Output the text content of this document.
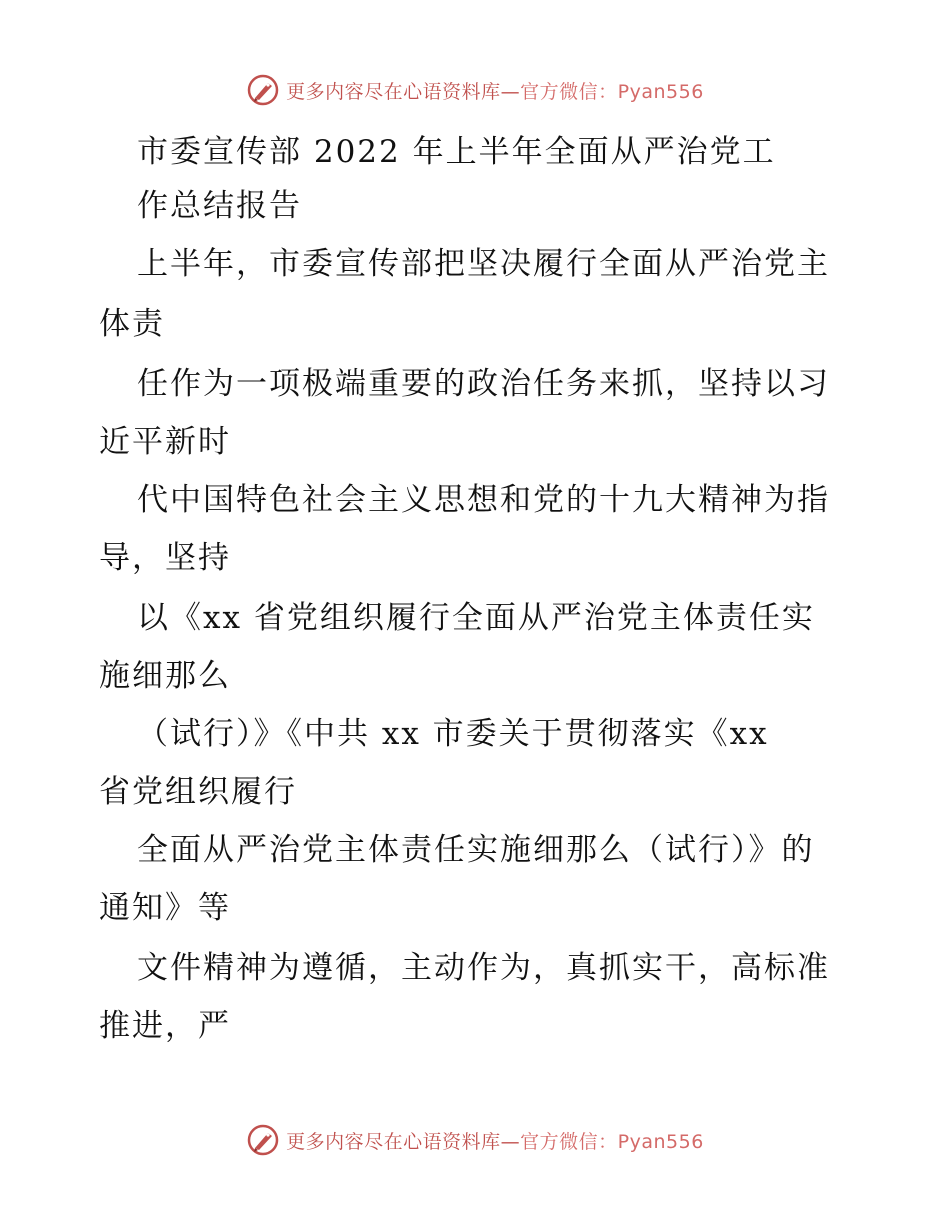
更多内容尽在心语资料库—官方微信：Pyan556
市委宣传部 2022 年上半年全面从严治党工
作总结报告
上半年，市委宣传部把坚决履行全面从严治党主
体责
任作为一项极端重要的政治任务来抓，坚持以习
近平新时
代中国特色社会主义思想和党的十九大精神为指
导，坚持
以《xx 省党组织履行全面从严治党主体责任实
施细那么
（试行）》《中共 xx 市委关于贯彻落实《xx
省党组织履行
全面从严治党主体责任实施细那么（试行）》的
通知》等
文件精神为遵循，主动作为，真抓实干，高标准
推进，严
更多内容尽在心语资料库—官方微信：Pyan556
